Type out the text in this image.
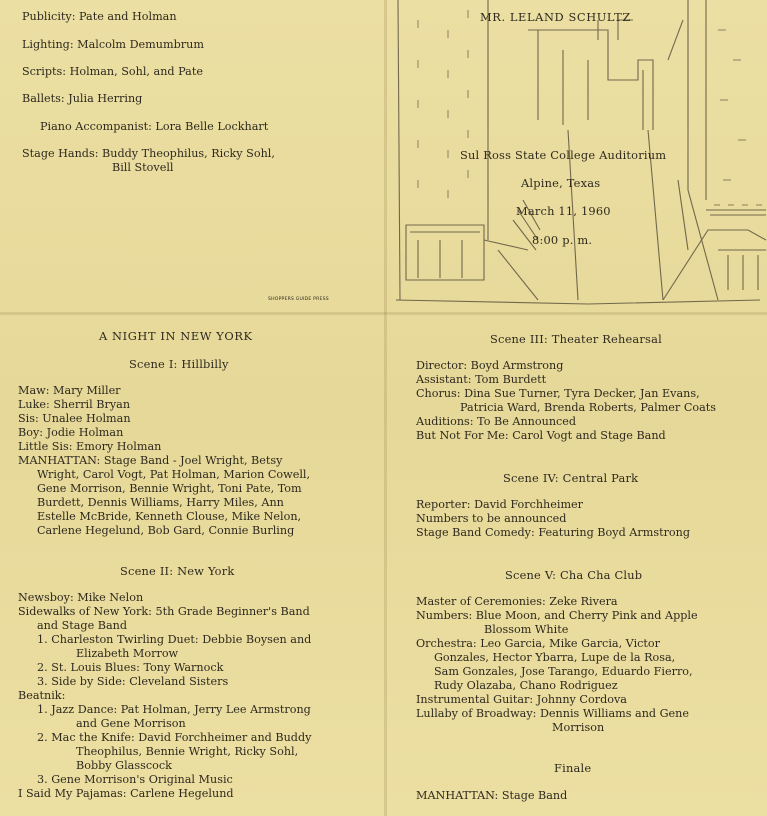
Publicity: Pate and Holman
Lighting: Malcolm Demumbrum
Scripts: Holman, Sohl, and Pate
Ballets: Julia Herring
Piano Accompanist: Lora Belle Lockhart
Stage Hands: Buddy Theophilus, Ricky Sohl,
Bill Stovell
SHOPPERS GUIDE PRESS
MR. LELAND SCHULTZ
Sul Ross State College Auditorium
Alpine, Texas
March 11, 1960
8:00 p. m.
A NIGHT IN NEW YORK
Scene I: Hillbilly
Maw: Mary Miller
Luke: Sherril Bryan
Sis: Unalee Holman
Boy: Jodie Holman
Little Sis: Emory Holman
MANHATTAN: Stage Band - Joel Wright, Betsy
Wright, Carol Vogt, Pat Holman, Marion Cowell,
Gene Morrison, Bennie Wright, Toni Pate, Tom
Burdett, Dennis Williams, Harry Miles, Ann
Estelle McBride, Kenneth Clouse, Mike Nelon,
Carlene Hegelund, Bob Gard, Connie Burling
Scene II: New York
Newsboy: Mike Nelon
Sidewalks of New York: 5th Grade Beginner's Band
and Stage Band
1. Charleston Twirling Duet: Debbie Boysen and
Elizabeth Morrow
2. St. Louis Blues: Tony Warnock
3. Side by Side: Cleveland Sisters
Beatnik:
1. Jazz Dance: Pat Holman, Jerry Lee Armstrong
and Gene Morrison
2. Mac the Knife: David Forchheimer and Buddy
Theophilus, Bennie Wright, Ricky Sohl,
Bobby Glasscock
3. Gene Morrison's Original Music
I Said My Pajamas: Carlene Hegelund
Scene III: Theater Rehearsal
Director: Boyd Armstrong
Assistant: Tom Burdett
Chorus: Dina Sue Turner, Tyra Decker, Jan Evans,
Patricia Ward, Brenda Roberts, Palmer Coats
Auditions: To Be Announced
But Not For Me: Carol Vogt and Stage Band
Scene IV: Central Park
Reporter: David Forchheimer
Numbers to be announced
Stage Band Comedy: Featuring Boyd Armstrong
Scene V: Cha Cha Club
Master of Ceremonies: Zeke Rivera
Numbers: Blue Moon, and Cherry Pink and Apple
Blossom White
Orchestra: Leo Garcia, Mike Garcia, Victor
Gonzales, Hector Ybarra, Lupe de la Rosa,
Sam Gonzales, Jose Tarango, Eduardo Fierro,
Rudy Olazaba, Chano Rodriguez
Instrumental Guitar: Johnny Cordova
Lullaby of Broadway: Dennis Williams and Gene
Morrison
Finale
MANHATTAN: Stage Band
